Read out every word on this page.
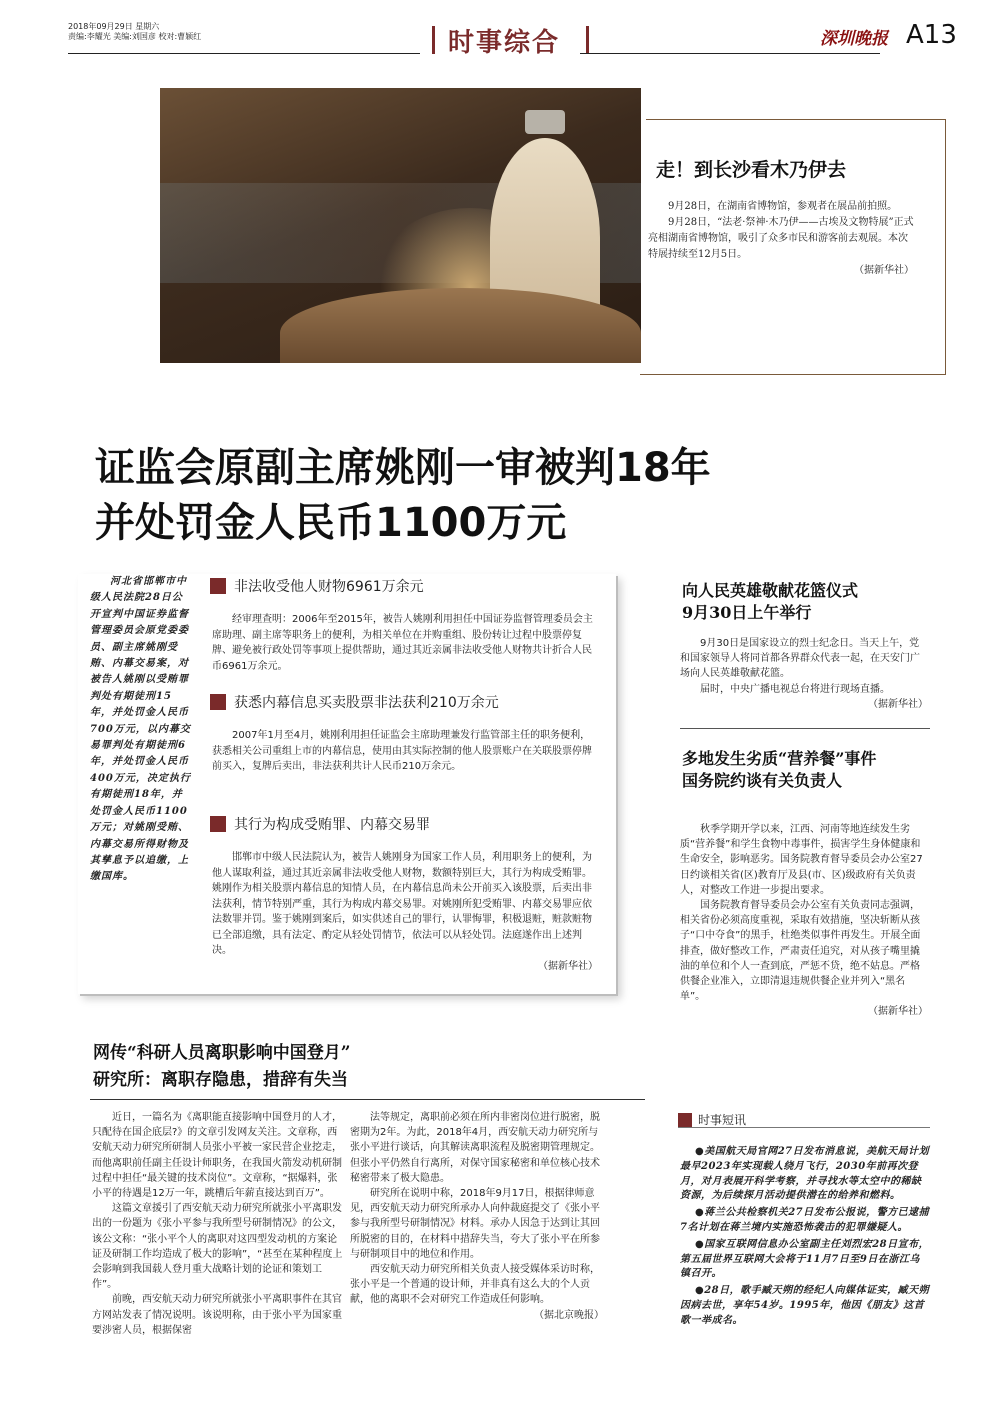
2018年09月29日 星期六
责编:李耀光 美编:刘国彦 校对:曹颖红	时事综合	深圳晚报 A13
走！到长沙看木乃伊去

9月28日，在湖南省博物馆，参观者在展品前拍照。

9月28日，“法老·祭神·木乃伊——古埃及文物特展”正式亮相湖南省博物馆，吸引了众多市民和游客前去观展。本次特展持续至12月5日。

（据新华社）
证监会原副主席姚刚一审被判18年
并处罚金人民币1100万元
河北省邯郸市中级人民法院28日公开宣判中国证券监督管理委员会原党委委员、副主席姚刚受贿、内幕交易案，对被告人姚刚以受贿罪判处有期徒刑15年，并处罚金人民币700万元，以内幕交易罪判处有期徒刑6年，并处罚金人民币400万元，决定执行有期徒刑18年，并处罚金人民币1100万元；对姚刚受贿、内幕交易所得财物及其孳息予以追缴，上缴国库。
非法收受他人财物6961万余元

经审理查明：2006年至2015年，被告人姚刚利用担任中国证券监督管理委员会主席助理、副主席等职务上的便利，为相关单位在并购重组、股份转让过程中股票停复牌、避免被行政处罚等事项上提供帮助，通过其近亲属非法收受他人财物共计折合人民币6961万余元。

获悉内幕信息买卖股票非法获利210万余元

2007年1月至4月，姚刚利用担任证监会主席助理兼发行监管部主任的职务便利，获悉相关公司重组上市的内幕信息，使用由其实际控制的他人股票账户在关联股票停牌前买入，复牌后卖出，非法获利共计人民币210万余元。

其行为构成受贿罪、内幕交易罪

邯郸市中级人民法院认为，被告人姚刚身为国家工作人员，利用职务上的便利，为他人谋取利益，通过其近亲属非法收受他人财物，数额特别巨大，其行为构成受贿罪。姚刚作为相关股票内幕信息的知情人员，在内幕信息尚未公开前买入该股票，后卖出非法获利，情节特别严重，其行为构成内幕交易罪。对姚刚所犯受贿罪、内幕交易罪应依法数罪并罚。鉴于姚刚到案后，如实供述自己的罪行，认罪悔罪，积极退赃，赃款赃物已全部追缴，具有法定、酌定从轻处罚情节，依法可以从轻处罚。法庭遂作出上述判决。

（据新华社）
向人民英雄敬献花篮仪式
9月30日上午举行

9月30日是国家设立的烈士纪念日。当天上午，党和国家领导人将同首都各界群众代表一起，在天安门广场向人民英雄敬献花篮。

届时，中央广播电视总台将进行现场直播。

（据新华社）
多地发生劣质“营养餐”事件
国务院约谈有关负责人

秋季学期开学以来，江西、河南等地连续发生劣质“营养餐”和学生食物中毒事件，损害学生身体健康和生命安全，影响恶劣。国务院教育督导委员会办公室27日约谈相关省(区)教育厅及县(市、区)级政府有关负责人，对整改工作进一步提出要求。

国务院教育督导委员会办公室有关负责同志强调，相关省份必须高度重视，采取有效措施，坚决斩断从孩子“口中夺食”的黑手，杜绝类似事件再发生。开展全面排查，做好整改工作，严肃责任追究，对从孩子嘴里撬油的单位和个人一查到底，严惩不贷，绝不姑息。严格供餐企业准入，立即清退违规供餐企业并列入“黑名单”。

（据新华社）
网传“科研人员离职影响中国登月”
研究所：离职存隐患，措辞有失当

近日，一篇名为《离职能直接影响中国登月的人才，只配待在国企底层?》的文章引发网友关注。文章称，西安航天动力研究所研制人员张小平被一家民营企业挖走，而他离职前任副主任设计师职务，在我国火箭发动机研制过程中担任“最关键的技术岗位”。文章称，“据爆料，张小平的待遇是12万一年，跳槽后年薪直接达到百万”。

这篇文章援引了西安航天动力研究所就张小平离职发出的一份题为《张小平参与我所型号研制情况》的公文，该公文称：“张小平个人的离职对这四型发动机的方案论证及研制工作均造成了极大的影响”，“甚至在某种程度上会影响到我国载人登月重大战略计划的论证和策划工作”。

前晚，西安航天动力研究所就张小平离职事件在其官方网站发表了情况说明。该说明称，由于张小平为国家重要涉密人员，根据保密

法等规定，离职前必须在所内非密岗位进行脱密，脱密期为2年。为此，2018年4月，西安航天动力研究所与张小平进行谈话，向其解读离职流程及脱密期管理规定。但张小平仍然自行离所，对保守国家秘密和单位核心技术秘密带来了极大隐患。

研究所在说明中称，2018年9月17日，根据律师意见，西安航天动力研究所承办人向仲裁庭提交了《张小平参与我所型号研制情况》材料。承办人因急于达到让其回所脱密的目的，在材料中措辞失当，夸大了张小平在所参与研制项目中的地位和作用。

西安航天动力研究所相关负责人接受媒体采访时称，张小平是一个普通的设计师，并非真有这么大的个人贡献，他的离职不会对研究工作造成任何影响。

（据北京晚报）
时事短讯

●美国航天局官网27日发布消息说，美航天局计划最早2023年实现载人绕月飞行，2030年前再次登月，对月表展开科学考察，并寻找水等太空中的稀缺资源，为后续探月活动提供潜在的给养和燃料。

●蒋兰公共检察机关27日发布公报说，警方已逮捕7名计划在蒋兰境内实施恐怖袭击的犯罪嫌疑人。

●国家互联网信息办公室副主任刘烈宏28日宣布，第五届世界互联网大会将于11月7日至9日在浙江乌镇召开。

●28日，歌手臧天朔的经纪人向媒体证实，臧天朔因病去世，享年54岁。1995年，他因《朋友》这首歌一举成名。
